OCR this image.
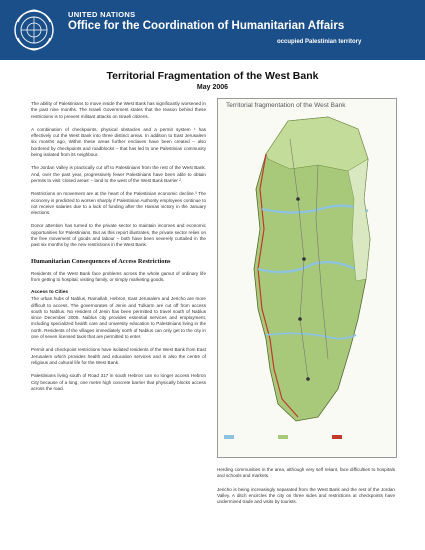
UNITED NATIONS
Office for the Coordination of Humanitarian Affairs
occupied Palestinian territory
Territorial Fragmentation of the West Bank
May 2006

The ability of Palestinians to move inside the West Bank has significantly worsened in the past nine months. The Israeli Government states that the reason behind these restrictions is to prevent militant attacks on Israeli citizens.

A combination of checkpoints, physical obstacles and a permit system ¹ has effectively cut the West Bank into three distinct areas. In addition to East Jerusalem six months ago, Within these areas further enclaves have been created – also bordered by checkpoints and roadblocks – that has led to one Palestinian community being isolated from its neighbour.

The Jordan Valley is practically cut off to Palestinians from the rest of the West Bank. And, over the past year, progressively fewer Palestinians have been able to obtain permits to visit 'closed areas' – land to the west of the West Bank Barrier ².

Restrictions on movement are at the heart of the Palestinian economic decline.³ The economy is predicted to worsen sharply if Palestinian Authority employees continue to not receive salaries due to a lack of funding after the Hamas victory in the January elections.

Donor attention has turned to the private sector to maintain incomes and economic opportunities for Palestinians. But as this report illustrates, the private sector relies on the free movement of goods and labour – both have been severely curtailed in the past six months by the new restrictions in the West Bank.

Humanitarian Consequences of Access Restrictions

Residents of the West Bank face problems across the whole gamut of ordinary life from getting to hospital, visiting family, or simply marketing goods.

Access to Cities

The urban hubs of Nablus, Ramallah, Hebron, East Jerusalem and Jericho are more difficult to access. The governorates of Jenin and Tulkarm are cut off from access south to Nablus. No resident of Jenin has been permitted to travel south of Nablus since December 2005. Nablus city provides essential services and employment, including specialized health care and university education to Palestinians living in the north. Residents of the villages immediately north of Nablus can only get to the city in one of seven licensed taxis that are permitted to enter.

Permit and checkpoint restrictions have isolated residents of the West Bank from East Jerusalem which provides health and education services and is also the centre of religious and cultural life for the West Bank.

Palestinians living south of Road 317 in south Hebron can no longer access Hebron City because of a long, one metre high concrete barrier that physically blocks access across the road.

Territorial fragmentation of the West Bank

Herding communities in the area, although very self reliant, face difficulties to hospitals and schools and markets.

Jericho is being increasingly separated from the West Bank and the rest of the Jordan Valley. A ditch encircles the city on three sides and restrictions at checkpoints have undermined trade and visits by tourists.
